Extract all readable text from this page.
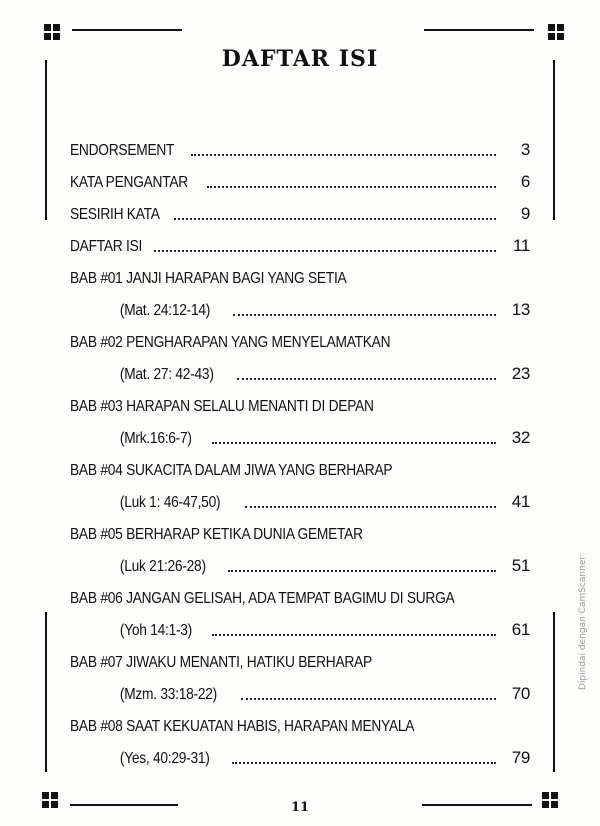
DAFTAR ISI
ENDORSEMENT	3
KATA PENGANTAR	6
SESIRIH KATA	9
DAFTAR ISI	11
BAB #01 JANJI HARAPAN BAGI YANG SETIA
(Mat. 24:12-14)	13
BAB #02 PENGHARAPAN YANG MENYELAMATKAN
(Mat. 27: 42-43)	23
BAB #03 HARAPAN SELALU MENANTI DI DEPAN
(Mrk.16:6-7)	32
BAB #04 SUKACITA DALAM JIWA YANG BERHARAP
(Luk 1: 46-47,50)	41
BAB #05 BERHARAP KETIKA DUNIA GEMETAR
(Luk 21:26-28)	51
BAB #06 JANGAN GELISAH, ADA TEMPAT BAGIMU DI SURGA
(Yoh 14:1-3)	61
BAB #07 JIWAKU MENANTI, HATIKU BERHARAP
(Mzm. 33:18-22)	70
BAB #08 SAAT KEKUATAN HABIS, HARAPAN MENYALA
(Yes, 40:29-31)	79
11
Dipindai dengan CamScanner
